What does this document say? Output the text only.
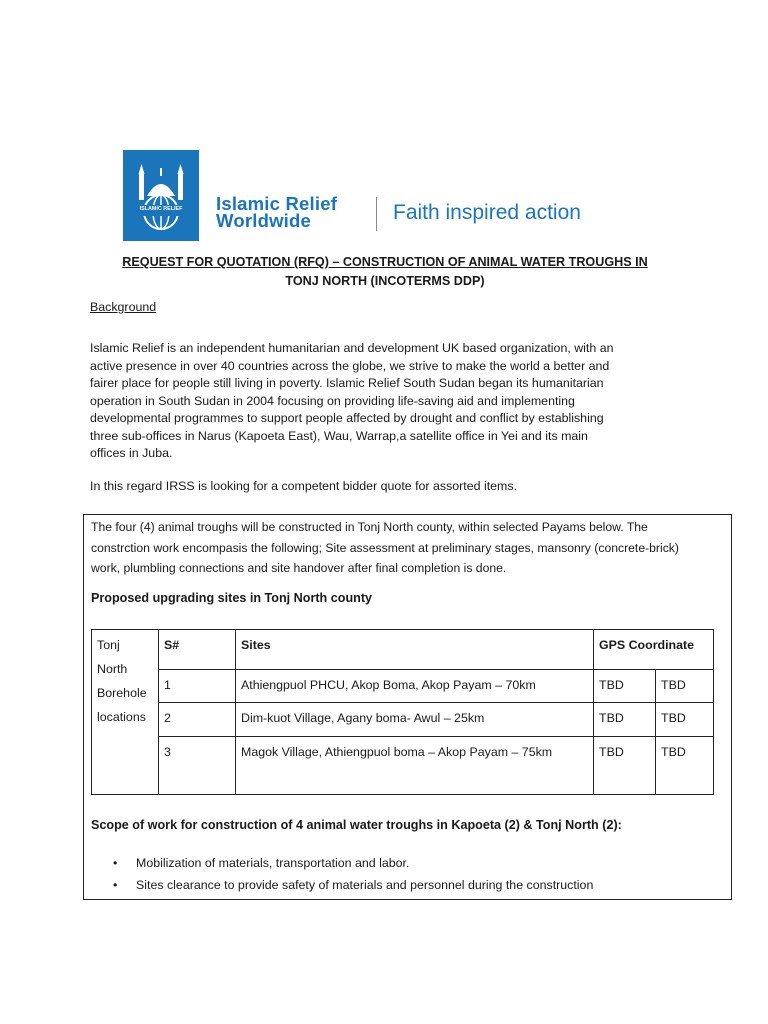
ISLAMIC RELIEF Islamic Relief
Worldwide	Faith inspired action
REQUEST FOR QUOTATION (RFQ) – CONSTRUCTION OF ANIMAL WATER TROUGHS IN
TONJ NORTH (INCOTERMS DDP)
Background
Islamic Relief is an independent humanitarian and development UK based organization, with an
active presence in over 40 countries across the globe, we strive to make the world a better and
fairer place for people still living in poverty. Islamic Relief South Sudan began its humanitarian
operation in South Sudan in 2004 focusing on providing life-saving aid and implementing
developmental programmes to support people affected by drought and conflict by establishing
three sub-offices in Narus (Kapoeta East), Wau, Warrap,a satellite office in Yei and its main
offices in Juba.
In this regard IRSS is looking for a competent bidder quote for assorted items.
The four (4) animal troughs will be constructed in Tonj North county, within selected Payams below. The
constrction work encompasis the following; Site assessment at preliminary stages, mansonry (concrete-brick)
work, plumbling connections and site handover after final completion is done.
Proposed upgrading sites in Tonj North county
Tonj
North
Borehole
locations	S#	Sites	GPS Coordinate	
	1	Athiengpuol PHCU, Akop Boma, Akop Payam – 70km	TBD	TBD
	2	Dim-kuot Village, Agany boma- Awul – 25km	TBD	TBD
	3	Magok Village, Athiengpuol boma – Akop Payam – 75km	TBD	TBD
Scope of work for construction of 4 animal water troughs in Kapoeta (2) & Tonj North (2):
• Mobilization of materials, transportation and labor.
• Sites clearance to provide safety of materials and personnel during the construction
